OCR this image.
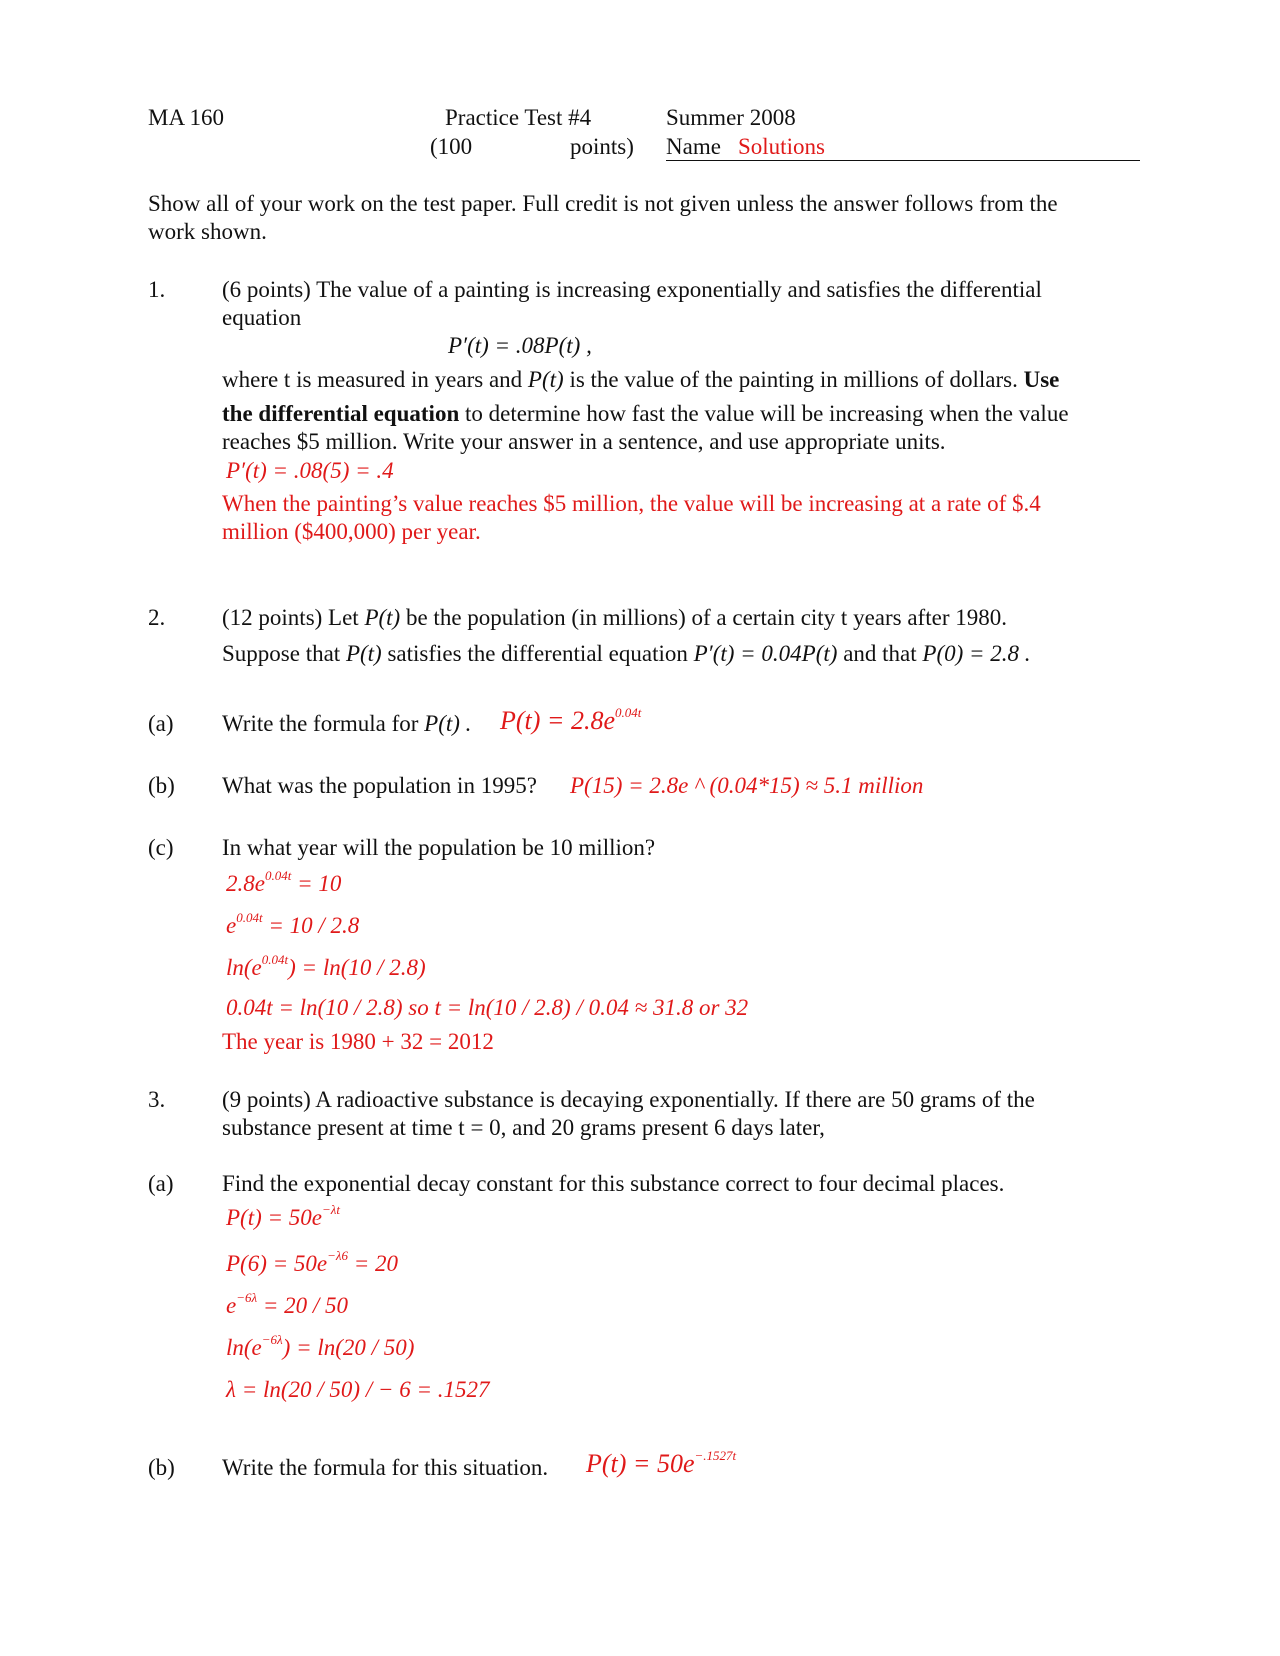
MA 160	Practice Test #4	Summer 2008
(100	points) Name Solutions
Show all of your work on the test paper. Full credit is not given unless the answer follows from the
work shown.
1. (6 points) The value of a painting is increasing exponentially and satisfies the differential
equation
P′(t) = .08P(t) ,
where t is measured in years and P(t) is the value of the painting in millions of dollars. Use
the differential equation to determine how fast the value will be increasing when the value
reaches $5 million. Write your answer in a sentence, and use appropriate units.
P′(t) = .08(5) = .4
When the painting’s value reaches $5 million, the value will be increasing at a rate of $.4
million ($400,000) per year.
2. (12 points) Let P(t) be the population (in millions) of a certain city t years after 1980.
Suppose that P(t) satisfies the differential equation P′(t) = 0.04P(t) and that P(0) = 2.8 .
(a) Write the formula for P(t) . $P(t) = 2.8e^{0.04t}$
(b) What was the population in 1995? P(15) = 2.8e ^ (0.04*15) ≈ 5.1 million
(c) In what year will the population be 10 million?
$2.8e^{0.04t} = 10$
$e^{0.04t} = 10 / 2.8$
$\ln(e^{0.04t}) = \ln(10 / 2.8)$
0.04t = ln(10 / 2.8) so t = ln(10 / 2.8) / 0.04 ≈ 31.8 or 32
The year is 1980 + 32 = 2012
3. (9 points) A radioactive substance is decaying exponentially. If there are 50 grams of the
substance present at time t = 0, and 20 grams present 6 days later,
(a) Find the exponential decay constant for this substance correct to four decimal places.
$P(t) = 50e^{-\lambda t}$
$P(6) = 50e^{-\lambda 6} = 20$
$e^{-6\lambda} = 20 / 50$
$\ln(e^{-6\lambda}) = \ln(20 / 50)$
λ = ln(20 / 50) / − 6 = .1527
(b) Write the formula for this situation. $P(t) = 50e^{-.1527t}$
